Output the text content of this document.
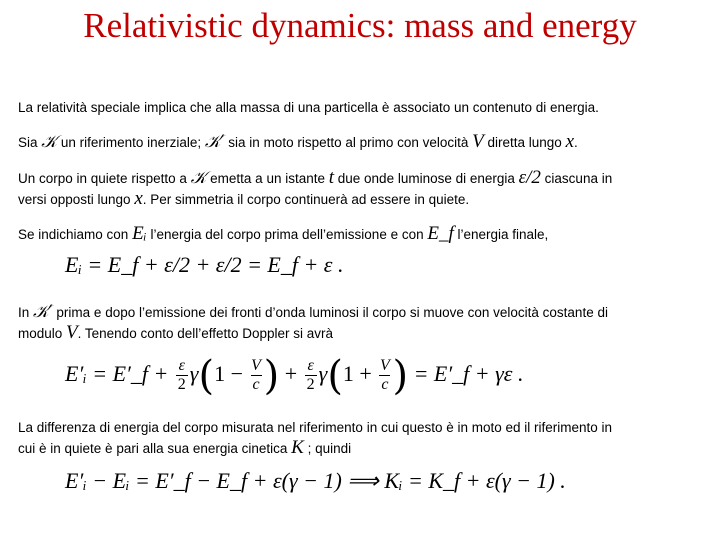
Relativistic dynamics: mass and energy
La relatività speciale implica che alla massa di una particella è associato un contenuto di energia.
Sia 𝒦 un riferimento inerziale; 𝒦′ sia in moto rispetto al primo con velocità V diretta lungo x.
Un corpo in quiete rispetto a 𝒦 emetta a un istante t due onde luminose di energia ε/2 ciascuna in
versi opposti lungo x. Per simmetria il corpo continuerà ad essere in quiete.
Se indichiamo con Eᵢ l’energia del corpo prima dell’emissione e con E_f l’energia finale,
Eᵢ = E_f + ε/2 + ε/2 = E_f + ε .
In 𝒦′ prima e dopo l’emissione dei fronti d’onda luminosi il corpo si muove con velocità costante di
modulo V. Tenendo conto dell’effetto Doppler si avrà
E′ᵢ = E′_f + $\frac{\varepsilon}{2} \gamma(1 - \frac{V}{c}$ ) + $\frac{\varepsilon}{2} \gamma(1 + \frac{V}{c}$ ) = E′_f + γε .
La differenza di energia del corpo misurata nel riferimento in cui questo è in moto ed il riferimento in
cui è in quiete è pari alla sua energia cinetica K ; quindi
E′ᵢ − Eᵢ = E′_f − E_f + ε(γ − 1) ⟹ Kᵢ = K_f + ε(γ − 1) .
